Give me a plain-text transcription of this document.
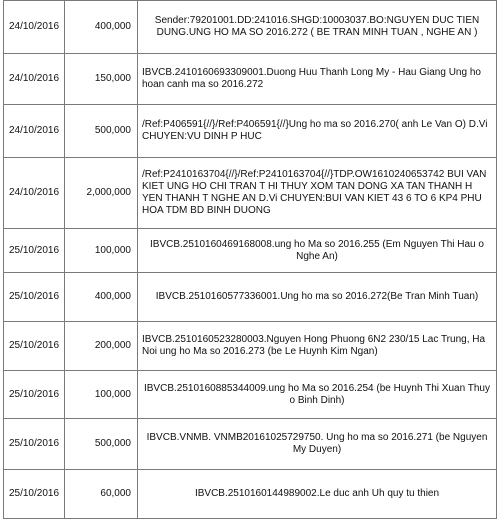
24/10/2016	400,000	Sender:79201001.DD:241016.SHGD:10003037.BO:NGUYEN DUC TIEN DUNG.UNG HO MA SO 2016.272 ( BE TRAN MINH TUAN , NGHE AN )

24/10/2016	150,000	IBVCB.2410160693309001.Duong Huu Thanh Long My - Hau Giang Ung ho hoan canh ma so 2016.272

24/10/2016	500,000	/Ref:P406591{//}/Ref:P406591{//}Ung ho ma so 2016.270( anh Le Van O) D.Vi CHUYEN:VU DINH P HUC

24/10/2016	2,000,000	/Ref:P2410163704{//}/Ref:P2410163704{//}TDP.OW1610240653742 BUI VAN KIET UNG HO CHI TRAN T HI THUY XOM TAN DONG XA TAN THANH H YEN THANH T NGHE AN D.Vi CHUYEN:BUI VAN KIET 43 6 TO 6 KP4 PHU HOA TDM BD BINH DUONG

25/10/2016	100,000	IBVCB.2510160469168008.ung ho Ma so 2016.255 (Em Nguyen Thi Hau o Nghe An)

25/10/2016	400,000	IBVCB.2510160577336001.Ung ho ma so 2016.272(Be Tran Minh Tuan)

25/10/2016	200,000	IBVCB.2510160523280003.Nguyen Hong Phuong 6N2 230/15 Lac Trung, Ha Noi ung ho Ma so 2016.273 (be Le Huynh Kim Ngan)

25/10/2016	100,000	IBVCB.2510160885344009.ung ho Ma so 2016.254 (be Huynh Thi Xuan Thuy o Binh Dinh)

25/10/2016	500,000	IBVCB.VNMB. VNMB20161025729750. Ung ho ma so 2016.271 (be Nguyen My Duyen)

25/10/2016	60,000	IBVCB.2510160144989002.Le duc anh Uh quy tu thien
